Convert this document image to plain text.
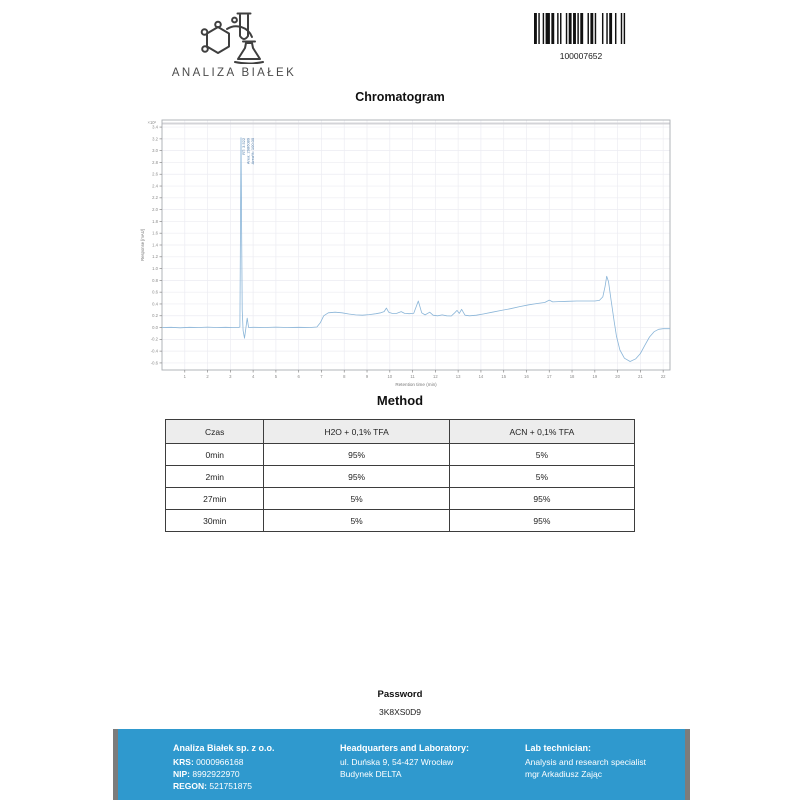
ANALIZA BIAŁEK
100007652
Chromatogram
3.4
3.2
3.0
2.8
2.6
2.4
2.2
2.0
1.8
1.6
1.4
1.2
1.0
0.8
0.6
0.4
0.2
0.0
-0.2
-0.4
-0.6
1	2	3	4	5	6	7	8	9	10	11	12	13	14	15	16	17	18	19	20	21	22
×10²
Retention time (min)
Response [mAU]
RT: 3.522 Area: 2986089 Area%: 100.00
Method
Czas	H2O + 0,1% TFA	ACN + 0,1% TFA
0min	95%	5%
2min	95%	5%
27min	5%	95%
30min	5%	95%
Password
3K8XS0D9
Analiza Białek sp. z o.o.
KRS: 0000966168
NIP: 8992922970
REGON: 521751875
Headquarters and Laboratory:
ul. Duńska 9, 54-427 Wrocław
Budynek DELTA
Lab technician:
Analysis and research specialist
mgr Arkadiusz Zając
